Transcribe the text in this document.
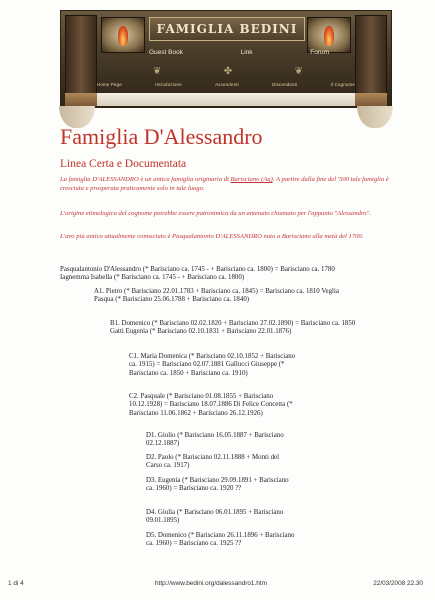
FAMIGLIA BEDINI
Guest Book	Link	Forum
❦	✤	❦
Home Page	Introduzione	Ascendenti	Discendenti	Il Cognome
Famiglia D'Alessandro
Linea Certa e Documentata

La famiglia D'ALESSANDRO è un antica famiglia originaria di Barisciano (Aq). A partire dalla fine del '500 tale famiglia è cresciuta e prosperata praticamente solo in tale luogo.

L'origine etimologica del cognome potrebbe essere patronimica da un antenato chiamato per l'appunto "Alessandro".

L'avo più antico attualmente conosciuto è Pasqualantonio D'ALESSANDRO nato a Barisciano alla metà del 1700.

Pasqualantonio D'Alessandro (* Barisciano ca. 1745 - + Barisciano ca. 1800) = Barisciano ca. 1780 Iagnemma Isabella (* Barisciano ca. 1745 - + Barisciano ca. 1800)

A1. Pietro (* Barisciano 22.01.1783 + Barisciano ca. 1845) = Barisciano ca. 1810 Veglia Pasqua (* Barisciano 25.06.1788 + Barisciano ca. 1840)

B1. Domenico (* Barisciano 02.02.1820 + Barisciano 27.02.1890) = Barisciano ca. 1850 Gatti Eugenia (* Barisciano 02.10.1831 + Barisciano 22.01.1876)

C1. Maria Domenica (* Barisciano 02.10.1852 + Barisciano ca. 1915) = Barisciano 02.07.1881 Gallucci Giuseppe (* Barisciano ca. 1850 + Barisciano ca. 1910)

C2. Pasquale (* Barisciano 01.08.1855 + Barisciano 10.12.1928) = Barisciano 18.07.1886 Di Felice Concetta (* Barisciano 11.06.1862 + Barisciano 26.12.1926)

D1. Giulio (* Barisciano 16.05.1887 + Barisciano 02.12.1887)

D2. Paolo (* Barisciano 02.11.1888 + Monti del Carso ca. 1917)

D3. Eugenia (* Barisciano 29.09.1891 + Barisciano ca. 1960) = Barisciano ca. 1920 ??

D4. Giulia (* Barisciano 06.01.1895 + Barisciano 09.01.1895)

D5. Domenico (* Barisciano 26.11.1896 + Barisciano ca. 1960) = Barisciano ca. 1925 ??

1 di 4	http://www.bedini.org/dalessandro1.htm	22/03/2008 22.30
